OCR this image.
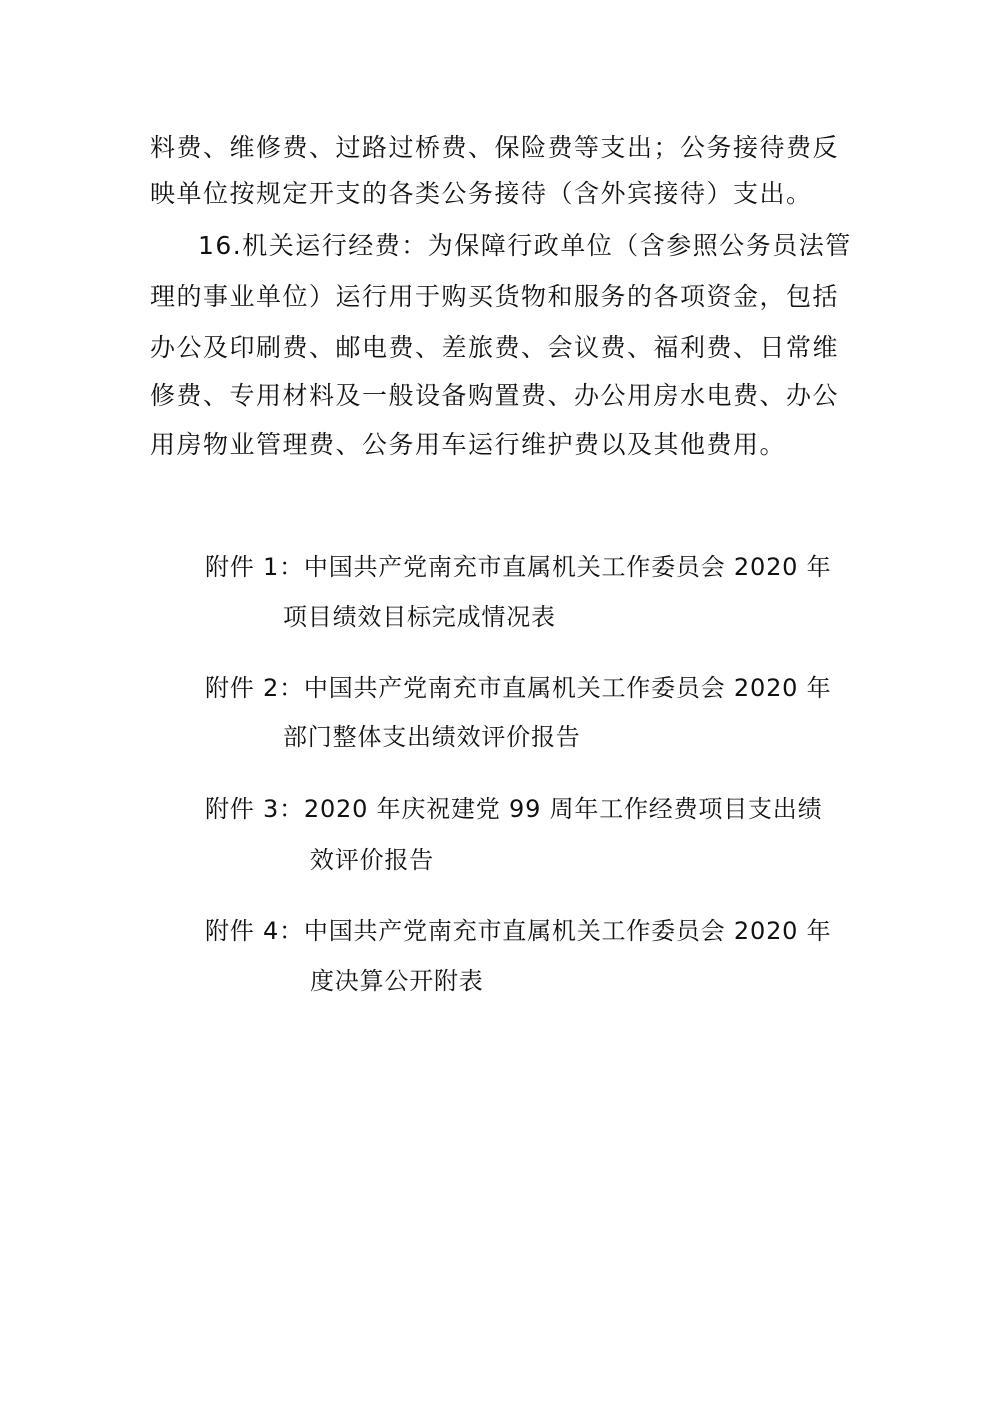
料费、维修费、过路过桥费、保险费等支出；公务接待费反
映单位按规定开支的各类公务接待（含外宾接待）支出。
16.机关运行经费：为保障行政单位（含参照公务员法管
理的事业单位）运行用于购买货物和服务的各项资金，包括
办公及印刷费、邮电费、差旅费、会议费、福利费、日常维
修费、专用材料及一般设备购置费、办公用房水电费、办公
用房物业管理费、公务用车运行维护费以及其他费用。
附件 1：中国共产党南充市直属机关工作委员会 2020 年
项目绩效目标完成情况表
附件 2：中国共产党南充市直属机关工作委员会 2020 年
部门整体支出绩效评价报告
附件 3：2020 年庆祝建党 99 周年工作经费项目支出绩
效评价报告
附件 4：中国共产党南充市直属机关工作委员会 2020 年
度决算公开附表
